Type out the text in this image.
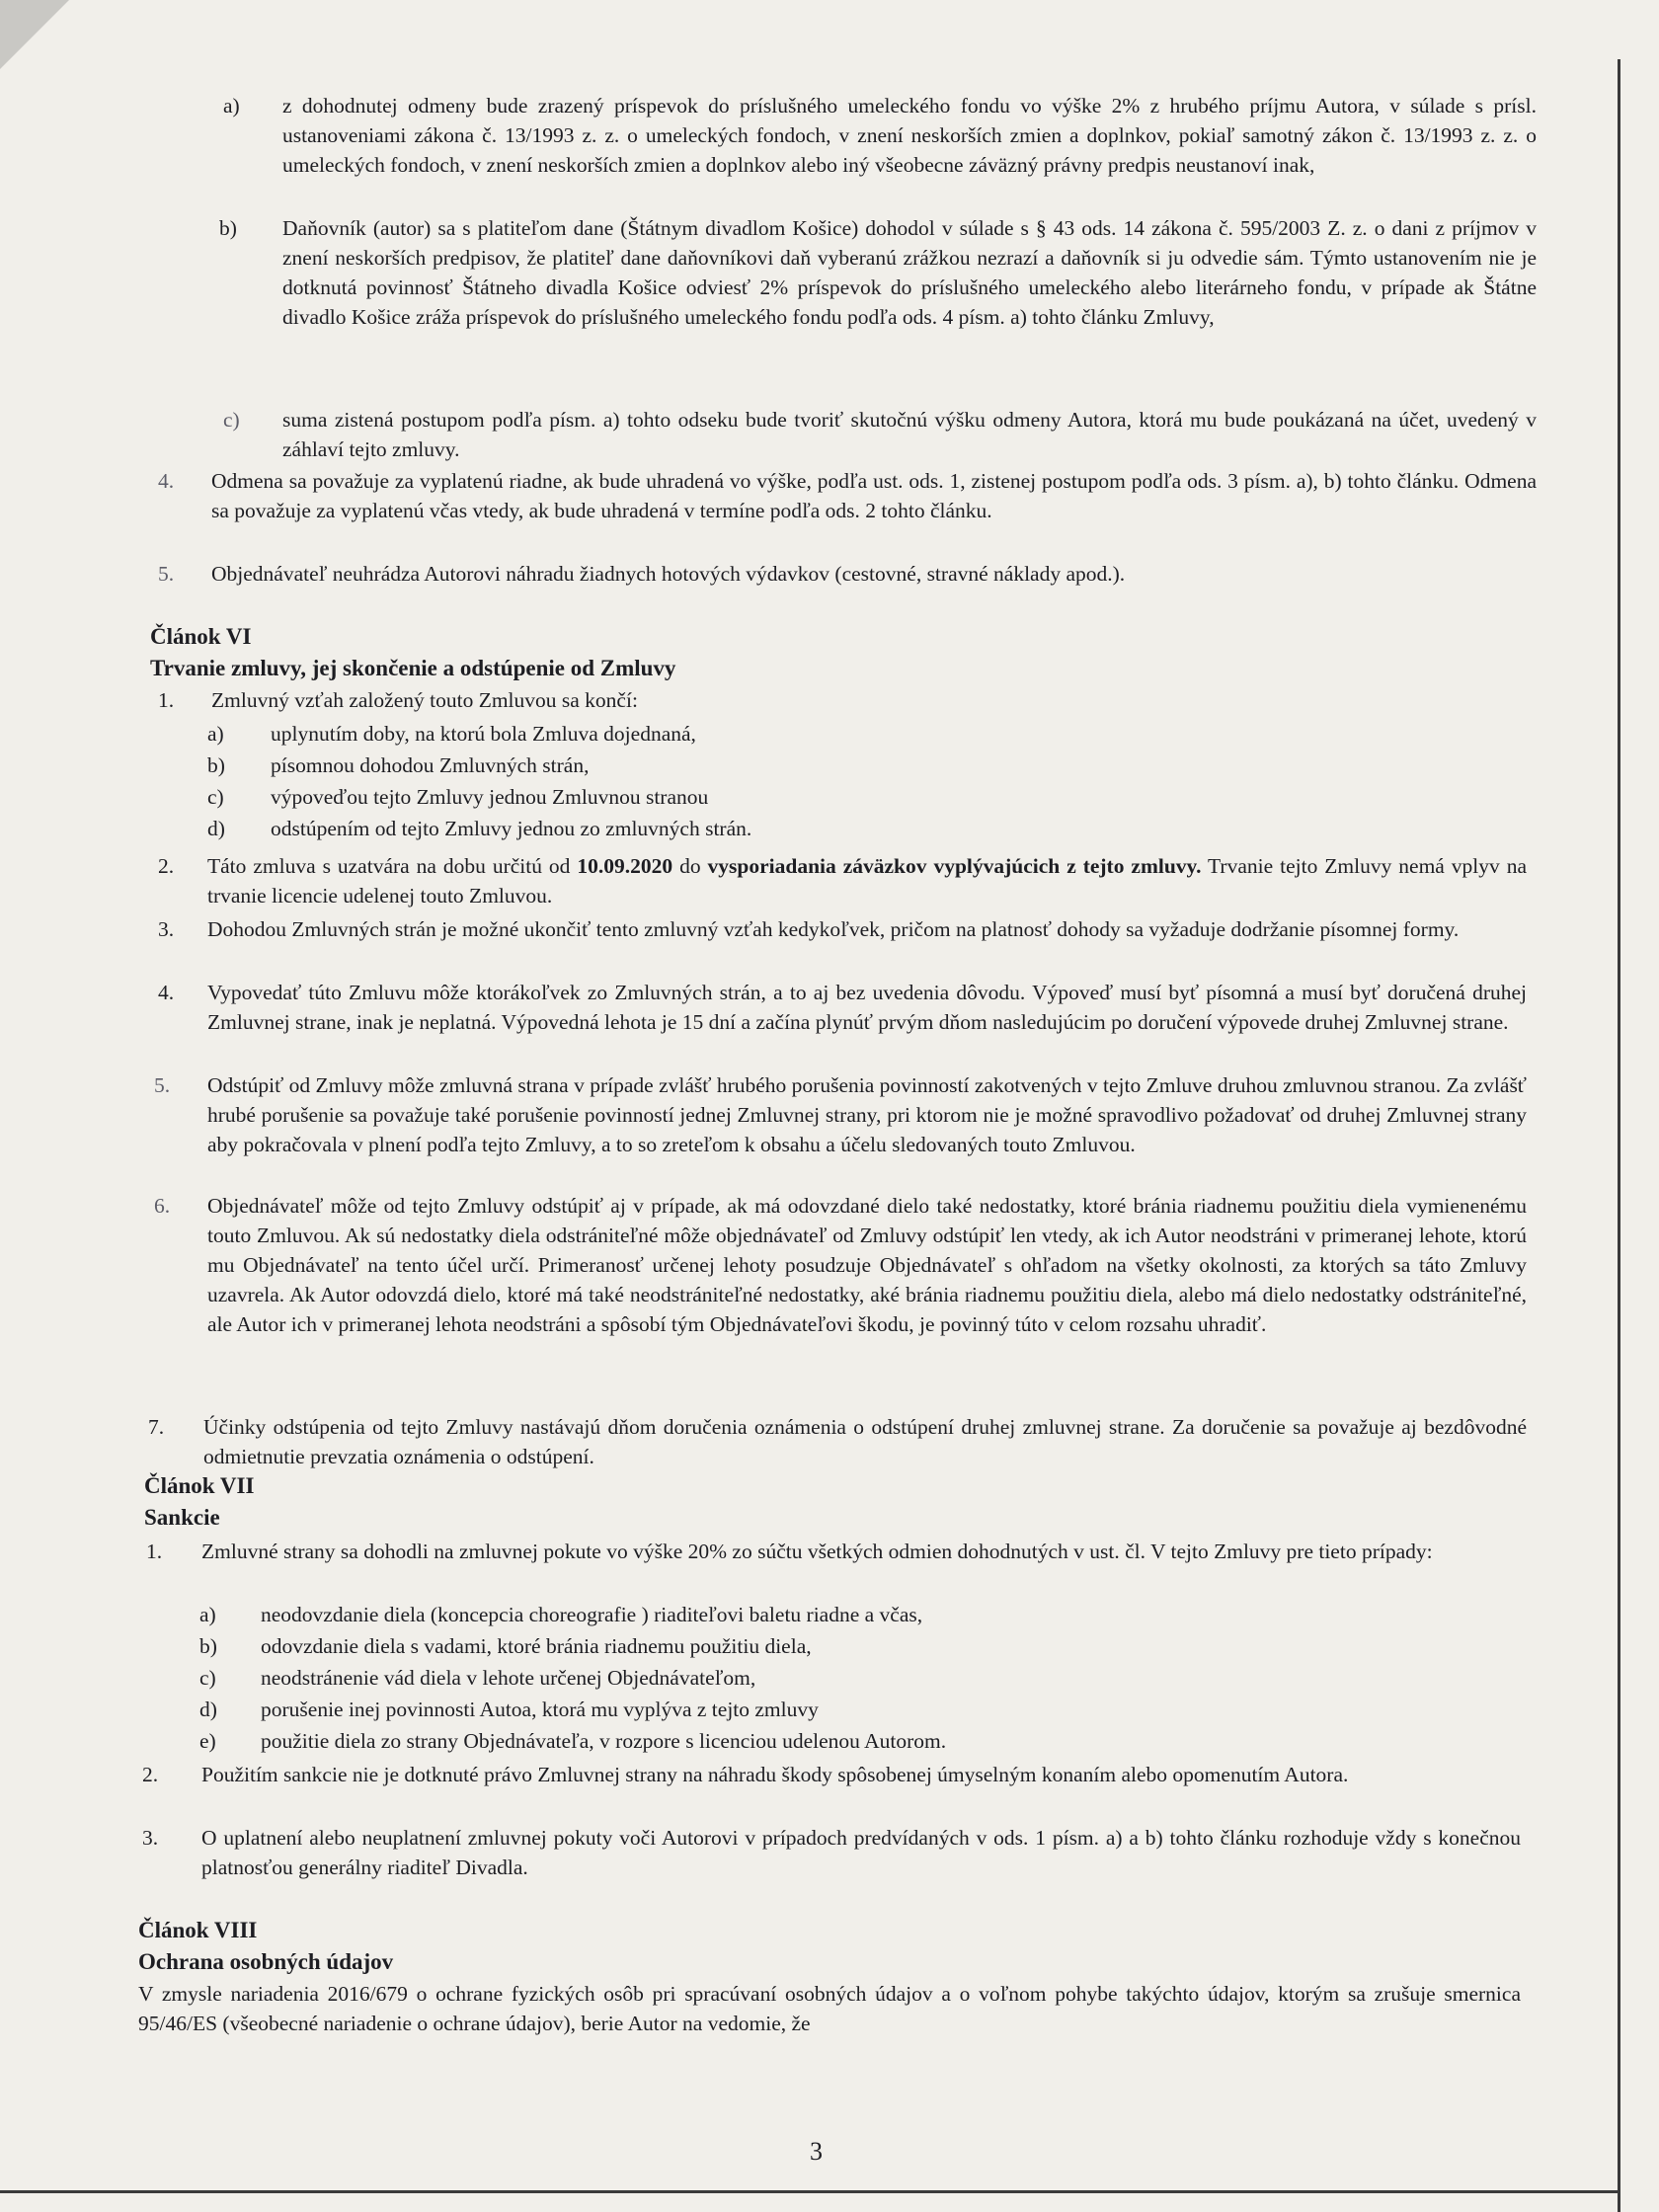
a) z dohodnutej odmeny bude zrazený príspevok do príslušného umeleckého fondu vo výške 2% z hrubého príjmu Autora, v súlade s prísl. ustanoveniami zákona č. 13/1993 z. z. o umeleckých fondoch, v znení neskorších zmien a doplnkov, pokiaľ samotný zákon č. 13/1993 z. z. o umeleckých fondoch, v znení neskorších zmien a doplnkov alebo iný všeobecne záväzný právny predpis neustanoví inak,
b) Daňovník (autor) sa s platiteľom dane (Štátnym divadlom Košice) dohodol v súlade s § 43 ods. 14 zákona č. 595/2003 Z. z. o dani z príjmov v znení neskorších predpisov, že platiteľ dane daňovníkovi daň vyberanú zrážkou nezrazí a daňovník si ju odvedie sám. Týmto ustanovením nie je dotknutá povinnosť Štátneho divadla Košice odviesť 2% príspevok do príslušného umeleckého alebo literárneho fondu, v prípade ak Štátne divadlo Košice zráža príspevok do príslušného umeleckého fondu podľa ods. 4 písm. a) tohto článku Zmluvy,
c) suma zistená postupom podľa písm. a) tohto odseku bude tvoriť skutočnú výšku odmeny Autora, ktorá mu bude poukázaná na účet, uvedený v záhlaví tejto zmluvy.
4. Odmena sa považuje za vyplatenú riadne, ak bude uhradená vo výške, podľa ust. ods. 1, zistenej postupom podľa ods. 3 písm. a), b) tohto článku. Odmena sa považuje za vyplatenú včas vtedy, ak bude uhradená v termíne podľa ods. 2 tohto článku.
5. Objednávateľ neuhrádza Autorovi náhradu žiadnych hotových výdavkov (cestovné, stravné náklady apod.).
Článok VI
Trvanie zmluvy, jej skončenie a odstúpenie od Zmluvy
1. Zmluvný vzťah založený touto Zmluvou sa končí:
a) uplynutím doby, na ktorú bola Zmluva dojednaná,
b) písomnou dohodou Zmluvných strán,
c) výpoveďou tejto Zmluvy jednou Zmluvnou stranou
d) odstúpením od tejto Zmluvy jednou zo zmluvných strán.
2. Táto zmluva s uzatvára na dobu určitú od 10.09.2020 do vysporiadania záväzkov vyplývajúcich z tejto zmluvy. Trvanie tejto Zmluvy nemá vplyv na trvanie licencie udelenej touto Zmluvou.
3. Dohodou Zmluvných strán je možné ukončiť tento zmluvný vzťah kedykoľvek, pričom na platnosť dohody sa vyžaduje dodržanie písomnej formy.
4. Vypovedať túto Zmluvu môže ktorákoľvek zo Zmluvných strán, a to aj bez uvedenia dôvodu. Výpoveď musí byť písomná a musí byť doručená druhej Zmluvnej strane, inak je neplatná. Výpovedná lehota je 15 dní a začína plynúť prvým dňom nasledujúcim po doručení výpovede druhej Zmluvnej strane.
5. Odstúpiť od Zmluvy môže zmluvná strana v prípade zvlášť hrubého porušenia povinností zakotvených v tejto Zmluve druhou zmluvnou stranou. Za zvlášť hrubé porušenie sa považuje také porušenie povinností jednej Zmluvnej strany, pri ktorom nie je možné spravodlivo požadovať od druhej Zmluvnej strany aby pokračovala v plnení podľa tejto Zmluvy, a to so zreteľom k obsahu a účelu sledovaných touto Zmluvou.
6. Objednávateľ môže od tejto Zmluvy odstúpiť aj v prípade, ak má odovzdané dielo také nedostatky, ktoré bránia riadnemu použitiu diela vymienenému touto Zmluvou. Ak sú nedostatky diela odstrániteľné môže objednávateľ od Zmluvy odstúpiť len vtedy, ak ich Autor neodstráni v primeranej lehote, ktorú mu Objednávateľ na tento účel určí. Primeranosť určenej lehoty posudzuje Objednávateľ s ohľadom na všetky okolnosti, za ktorých sa táto Zmluvy uzavrela. Ak Autor odovzdá dielo, ktoré má také neodstrániteľné nedostatky, aké bránia riadnemu použitiu diela, alebo má dielo nedostatky odstrániteľné, ale Autor ich v primeranej lehota neodstráni a spôsobí tým Objednávateľovi škodu, je povinný túto v celom rozsahu uhradiť.
7. Účinky odstúpenia od tejto Zmluvy nastávajú dňom doručenia oznámenia o odstúpení druhej zmluvnej strane. Za doručenie sa považuje aj bezdôvodné odmietnutie prevzatia oznámenia o odstúpení.
Článok VII
Sankcie
1. Zmluvné strany sa dohodli na zmluvnej pokute vo výške 20% zo súčtu všetkých odmien dohodnutých v ust. čl. V tejto Zmluvy pre tieto prípady:
a) neodovzdanie diela (koncepcia choreografie ) riaditeľovi baletu riadne a včas,
b) odovzdanie diela s vadami, ktoré bránia riadnemu použitiu diela,
c) neodstránenie vád diela v lehote určenej Objednávateľom,
d) porušenie inej povinnosti Autoa, ktorá mu vyplýva z tejto zmluvy
e) použitie diela zo strany Objednávateľa, v rozpore s licenciou udelenou Autorom.
2. Použitím sankcie nie je dotknuté právo Zmluvnej strany na náhradu škody spôsobenej úmyselným konaním alebo opomenutím Autora.
3. O uplatnení alebo neuplatnení zmluvnej pokuty voči Autorovi v prípadoch predvídaných v ods. 1 písm. a) a b) tohto článku rozhoduje vždy s konečnou platnosťou generálny riaditeľ Divadla.
Článok VIII
Ochrana osobných údajov
V zmysle nariadenia 2016/679 o ochrane fyzických osôb pri spracúvaní osobných údajov a o voľnom pohybe takýchto údajov, ktorým sa zrušuje smernica 95/46/ES (všeobecné nariadenie o ochrane údajov), berie Autor na vedomie, že
3
